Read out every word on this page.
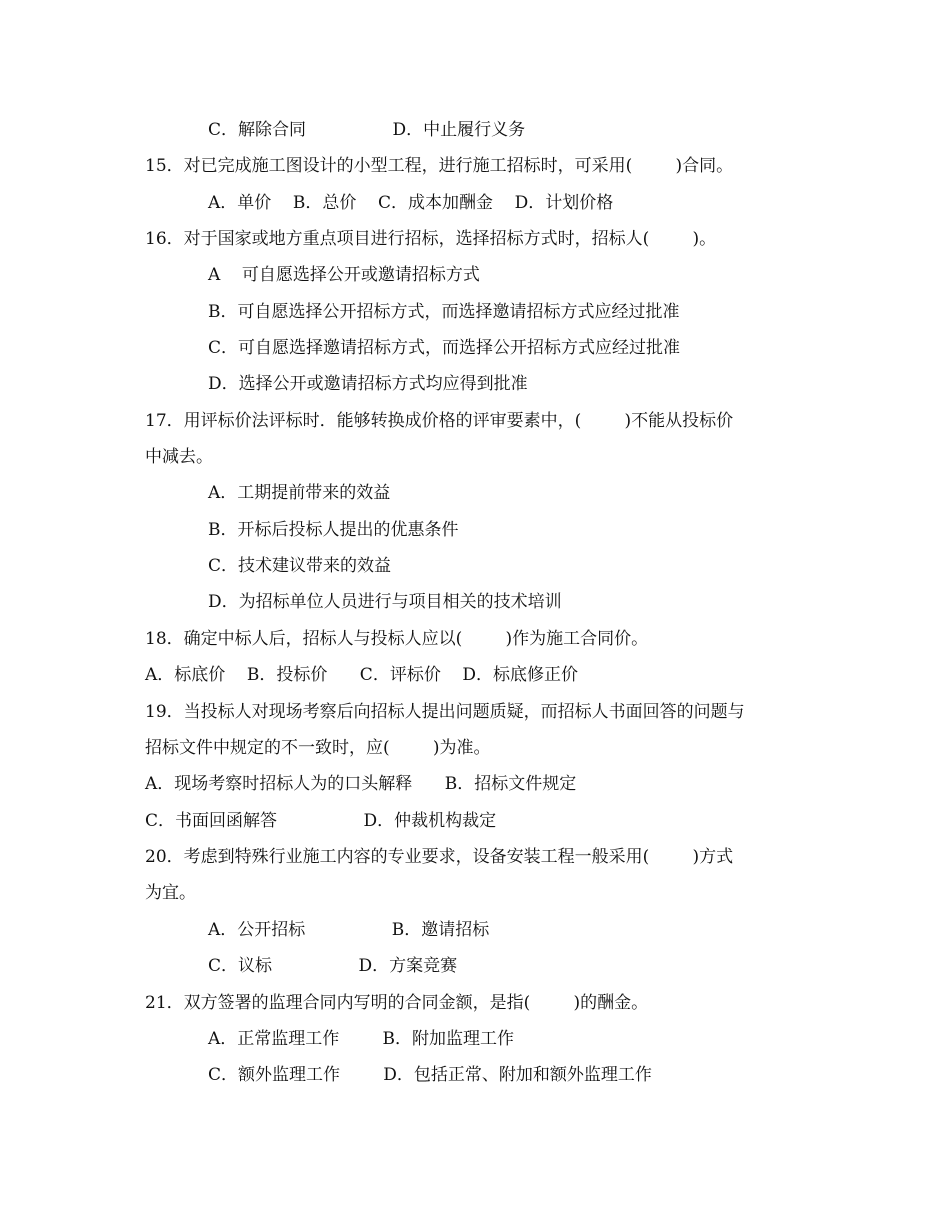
C．解除合同                D．中止履行义务
15．对已完成施工图设计的小型工程，进行施工招标时，可采用(        )合同。
A．单价    B．总价    C．成本加酬金    D．计划价格
16．对于国家或地方重点项目进行招标，选择招标方式时，招标人(        )。
A    可自愿选择公开或邀请招标方式
B．可自愿选择公开招标方式，而选择邀请招标方式应经过批准
C．可自愿选择邀请招标方式，而选择公开招标方式应经过批准
D．选择公开或邀请招标方式均应得到批准
17．用评标价法评标时．能够转换成价格的评审要素中，(        )不能从投标价
中减去。
A．工期提前带来的效益
B．开标后投标人提出的优惠条件
C．技术建议带来的效益
D．为招标单位人员进行与项目相关的技术培训
18．确定中标人后，招标人与投标人应以(        )作为施工合同价。
A．标底价    B．投标价      C．评标价    D．标底修正价
19．当投标人对现场考察后向招标人提出问题质疑，而招标人书面回答的问题与
招标文件中规定的不一致时，应(        )为准。
A．现场考察时招标人为的口头解释      B．招标文件规定
C．书面回函解答                D．仲裁机构裁定
20．考虑到特殊行业施工内容的专业要求，设备安装工程一般采用(        )方式
为宜。
A．公开招标                B．邀请招标
C．议标                D．方案竞赛
21．双方签署的监理合同内写明的合同金额，是指(        )的酬金。
A．正常监理工作        B．附加监理工作
C．额外监理工作        D．包括正常、附加和额外监理工作
